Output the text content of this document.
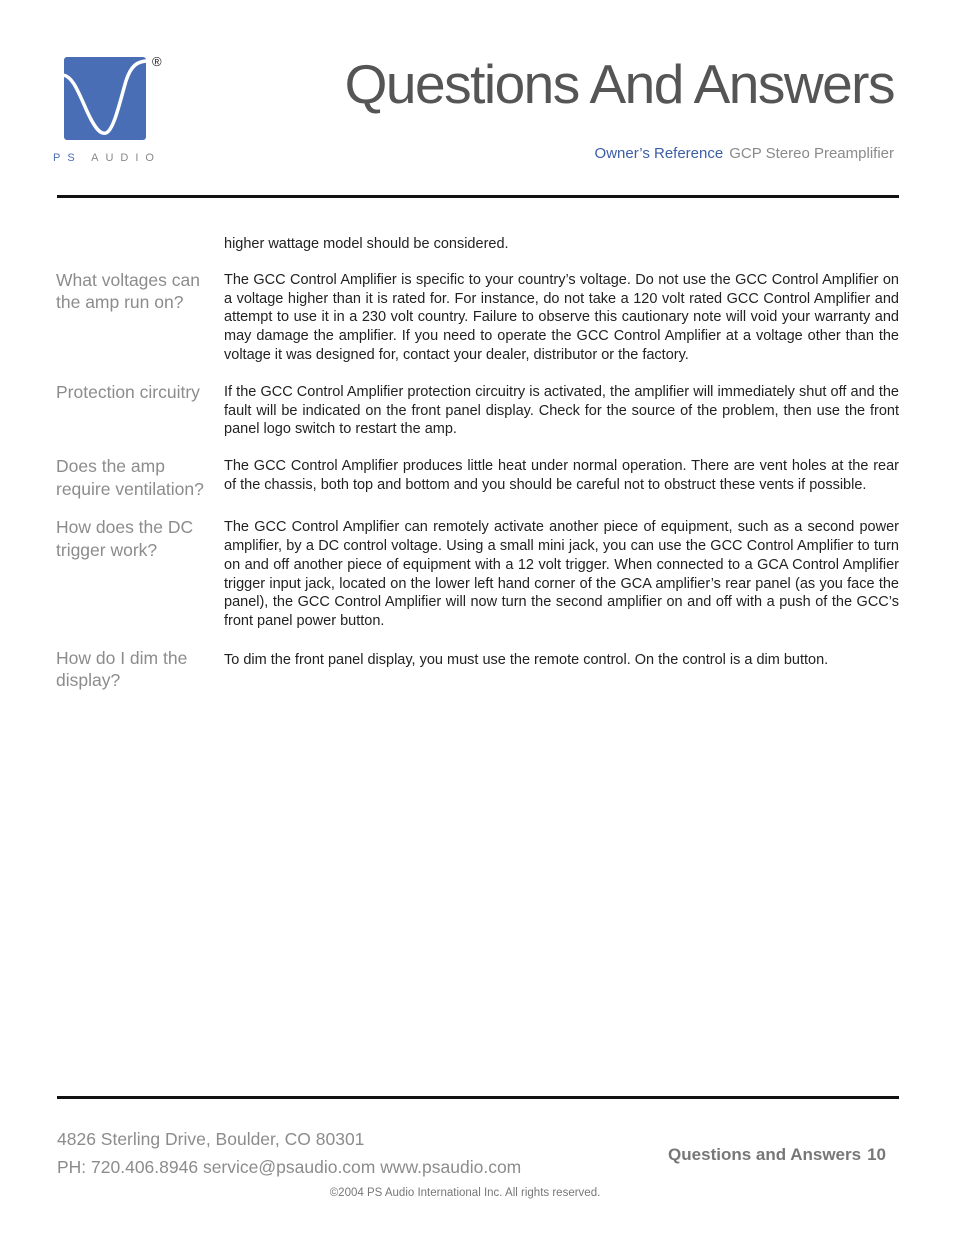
®
PS AUDIO
Questions And Answers
Owner’s Reference GCP Stereo Preamplifier
higher wattage model should be considered.
What voltages can the amp run on?
The GCC Control Amplifier is specific to your country’s voltage. Do not use the GCC Control Amplifier on a voltage higher than it is rated for. For instance, do not take a 120 volt rated GCC Control Amplifier and attempt to use it in a 230 volt country. Failure to observe this cautionary note will void your warranty and may damage the amplifier. If you need to operate the GCC Control Amplifier at a voltage other than the voltage it was designed for, contact your dealer, distributor or the factory.
Protection circuitry	If the GCC Control Amplifier protection circuitry is activated, the amplifier will immediately shut off and the fault will be indicated on the front panel display. Check for the source of the problem, then use the front panel logo switch to restart the amp.
Does the amp require ventilation?
The GCC Control Amplifier produces little heat under normal operation. There are vent holes at the rear of the chassis, both top and bottom and you should be careful not to obstruct these vents if possible.
How does the DC trigger work?
The GCC Control Amplifier can remotely activate another piece of equipment, such as a second power amplifier, by a DC control voltage. Using a small mini jack, you can use the GCC Control Amplifier to turn on and off another piece of equipment with a 12 volt trigger. When connected to a GCA Control Amplifier trigger input jack, located on the lower left hand corner of the GCA amplifier’s rear panel (as you face the panel), the GCC Control Amplifier will now turn the second amplifier on and off with a push of the GCC’s front panel power button.
How do I dim the display?
To dim the front panel display, you must use the remote control. On the control is a dim button.
4826 Sterling Drive, Boulder, CO 80301
PH: 720.406.8946 service@psaudio.com www.psaudio.com
Questions and Answers 10
©2004 PS Audio International Inc. All rights reserved.
